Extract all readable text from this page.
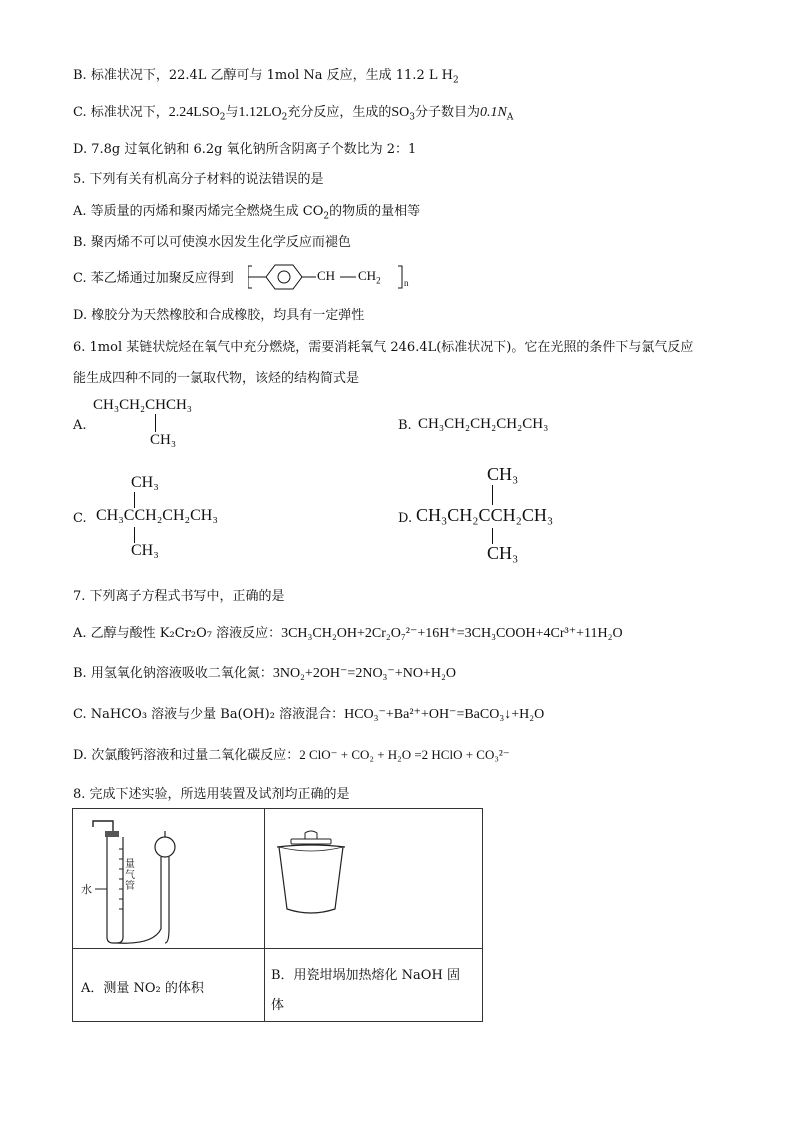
B. 标准状况下，22.4L 乙醇可与 1mol Na 反应，生成 11.2 L $H_2$
C. 标准状况下，$2.24LSO_2$与$1.12LO_2$充分反应，生成的$SO_3$分子数目为$0.1N_A$
D. 7.8g 过氧化钠和 6.2g 氧化钠所含阴离子个数比为 2：1
5. 下列有关有机高分子材料的说法错误的是
A. 等质量的丙烯和聚丙烯完全燃烧生成 $CO_2$的物质的量相等
B. 聚丙烯不可以可使溴水因发生化学反应而褪色
C. 苯乙烯通过加聚反应得到	CH $CH_2$	n
D. 橡胶分为天然橡胶和合成橡胶，均具有一定弹性
6. 1mol 某链状烷烃在氧气中充分燃烧，需要消耗氧气 246.4L(标准状况下)。它在光照的条件下与氯气反应
能生成四种不同的一氯取代物，该烃的结构简式是
A.
CH₃CH₂CHCH₃
CH₃
B. CH₃CH₂CH₂CH₂CH₃
C.
CH₃
CH₃CCH₂CH₂CH₃
CH₃
D.
CH₃
CH₃CH₂CCH₂CH₃
CH₃
7. 下列离子方程式书写中，正确的是
A. 乙醇与酸性 K₂Cr₂O₇ 溶液反应：3CH₃CH₂OH+2Cr₂O₇²⁻+16H⁺=3CH₃COOH+4Cr³⁺+11H₂O
B. 用氢氧化钠溶液吸收二氧化氮：3NO₂+2OH⁻=2NO₃⁻+NO+H₂O
C. NaHCO₃ 溶液与少量 Ba(OH)₂ 溶液混合：HCO₃⁻+Ba²⁺+OH⁻=BaCO₃↓+H₂O
D. 次氯酸钙溶液和过量二氧化碳反应：2 ClO⁻ + CO₂ + H₂O =2 HClO + CO₃²⁻
8. 完成下述实验，所选用装置及试剂均正确的是
水
量气管

A．测量 NO₂ 的体积	B．用瓷坩埚加热熔化 NaOH 固
体
